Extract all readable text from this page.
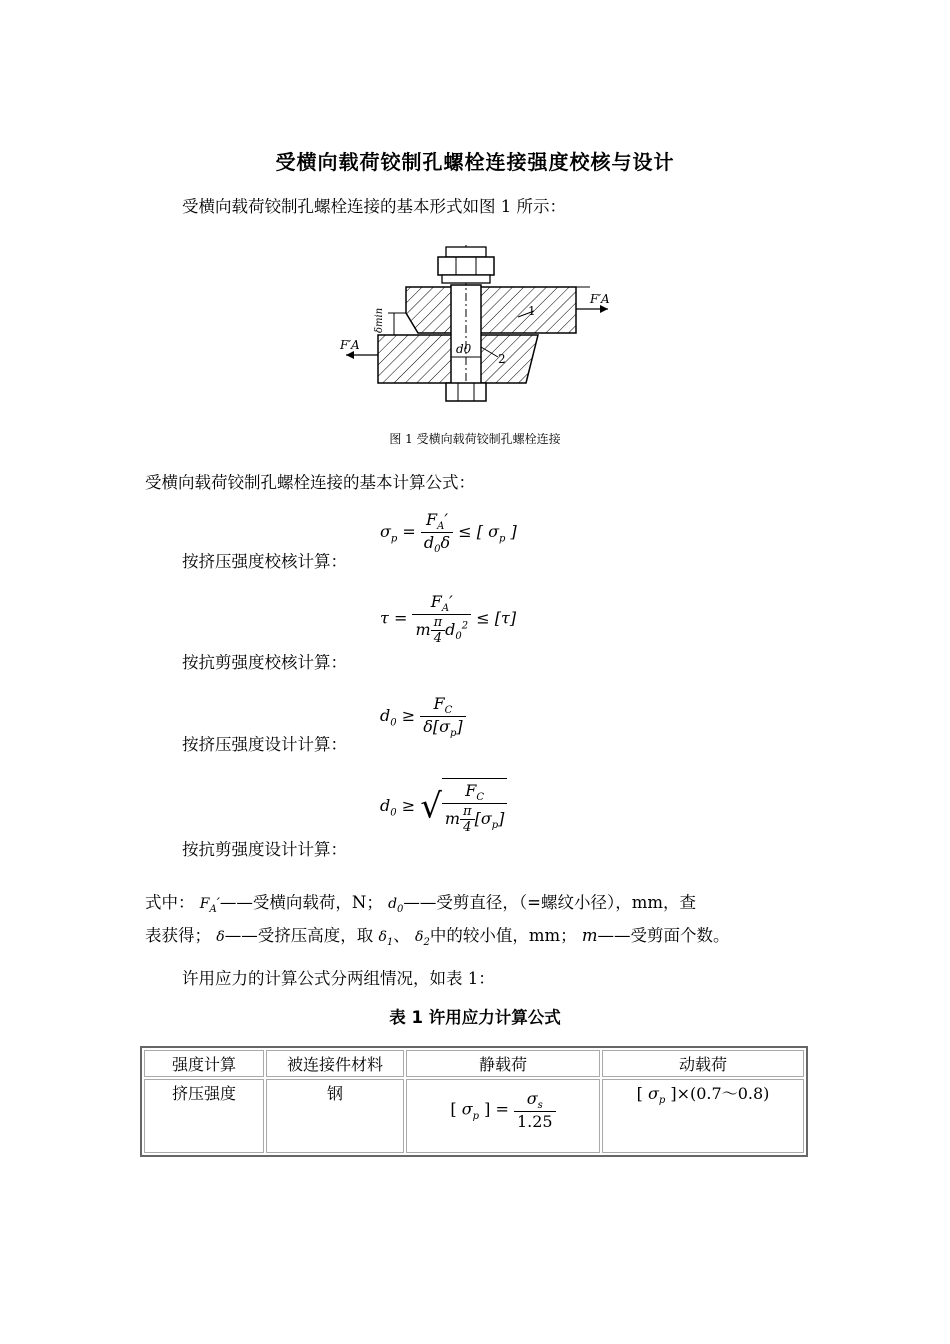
受横向载荷铰制孔螺栓连接强度校核与设计
受横向载荷铰制孔螺栓连接的基本形式如图 1 所示：
δmin
d0
1
2
F′A
F′A
图 1 受横向载荷铰制孔螺栓连接
受横向载荷铰制孔螺栓连接的基本计算公式：
按挤压强度校核计算：
$\sigma_p = \frac{F_A'}{d_0\delta}$ ≤ [ $\sigma_p$ ]
按抗剪强度校核计算：
$\tau = \frac{F_A'}{m \frac{\pi}{4} d_0^2} \le [\tau]$
按挤压强度设计计算：
$d_0 \ge \frac{F_C}{\delta[\sigma_p]}$
按抗剪强度设计计算：
$d_0$ ≥ √ $\frac{F_C}{m \frac{\pi}{4} [\sigma_p]}$
式中： $F_A'——$受横向载荷，N； $d_0——$受剪直径，（=螺纹小径），mm，查
表获得； δ——受挤压高度，取 $\delta_1$、 $\delta_2$中的较小值，mm； m——受剪面个数。
许用应力的计算公式分两组情况，如表 1：
表 1 许用应力计算公式
强度计算	被连接件材料	静载荷	动载荷
挤压强度	钢	[ $\sigma_p$ ] = $\frac{\sigma_s}{1.25}$	[ $\sigma_p$ ]×(0.7～0.8)
